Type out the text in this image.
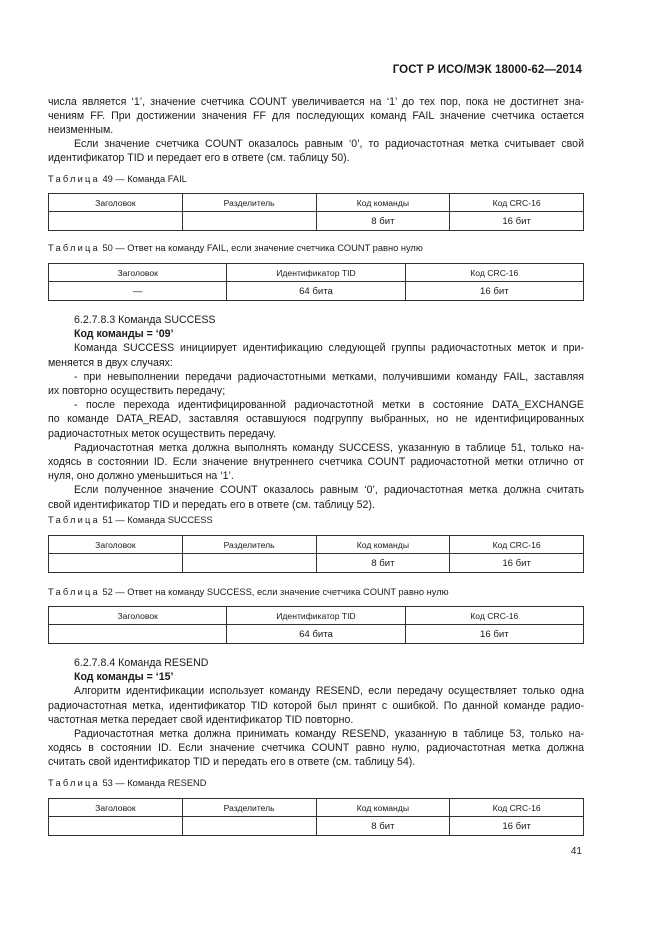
ГОСТ Р ИСО/МЭК 18000-62—2014
числа является ‘1’, значение счетчика COUNT увеличивается на ‘1’ до тех пор, пока не достигнет зна-
чениям FF. При достижении значения FF для последующих команд FAIL значение счетчика остается
неизменным.
Если значение счетчика COUNT оказалось равным ‘0’, то радиочастотная метка считывает свой
идентификатор TID и передает его в ответе (см. таблицу 50).
Таблица 49 — Команда FAIL
Заголовок	Разделитель	Код команды	Код CRC-16
		8 бит	16 бит
Таблица 50 — Ответ на команду FAIL, если значение счетчика COUNT равно нулю
Заголовок	Идентификатор TID	Код CRC-16
—	64 бита	16 бит
6.2.7.8.3 Команда SUCCESS
Код команды = ‘09’
Команда SUCCESS инициирует идентификацию следующей группы радиочастотных меток и при-
меняется в двух случаях:
- при невыполнении передачи радиочастотными метками, получившими команду FAIL, заставляя
их повторно осуществить передачу;
- после перехода идентифицированной радиочастотной метки в состояние DATA_EXCHANGE
по команде DATA_READ, заставляя оставшуюся подгруппу выбранных, но не идентифицированных
радиочастотных меток осуществить передачу.
Радиочастотная метка должна выполнять команду SUCCESS, указанную в таблице 51, только на-
ходясь в состоянии ID. Если значение внутреннего счетчика COUNT радиочастотной метки отлично от
нуля, оно должно уменьшиться на ‘1’.
Если полученное значение COUNT оказалось равным ‘0’, радиочастотная метка должна считать
свой идентификатор TID и передать его в ответе (см. таблицу 52).
Таблица 51 — Команда SUCCESS
Заголовок	Разделитель	Код команды	Код CRC-16
		8 бит	16 бит
Таблица 52 — Ответ на команду SUCCESS, если значение счетчика COUNT равно нулю
Заголовок	Идентификатор TID	Код CRC-16
	64 бита	16 бит
6.2.7.8.4 Команда RESEND
Код команды = ‘15’
Алгоритм идентификации использует команду RESEND, если передачу осуществляет только одна
радиочастотная метка, идентификатор TID которой был принят с ошибкой. По данной команде радио-
частотная метка передает свой идентификатор TID повторно.
Радиочастотная метка должна принимать команду RESEND, указанную в таблице 53, только на-
ходясь в состоянии ID. Если значение счетчика COUNT равно нулю, радиочастотная метка должна
считать свой идентификатор TID и передать его в ответе (см. таблицу 54).
Таблица 53 — Команда RESEND
Заголовок	Разделитель	Код команды	Код CRC-16
		8 бит	16 бит
41
